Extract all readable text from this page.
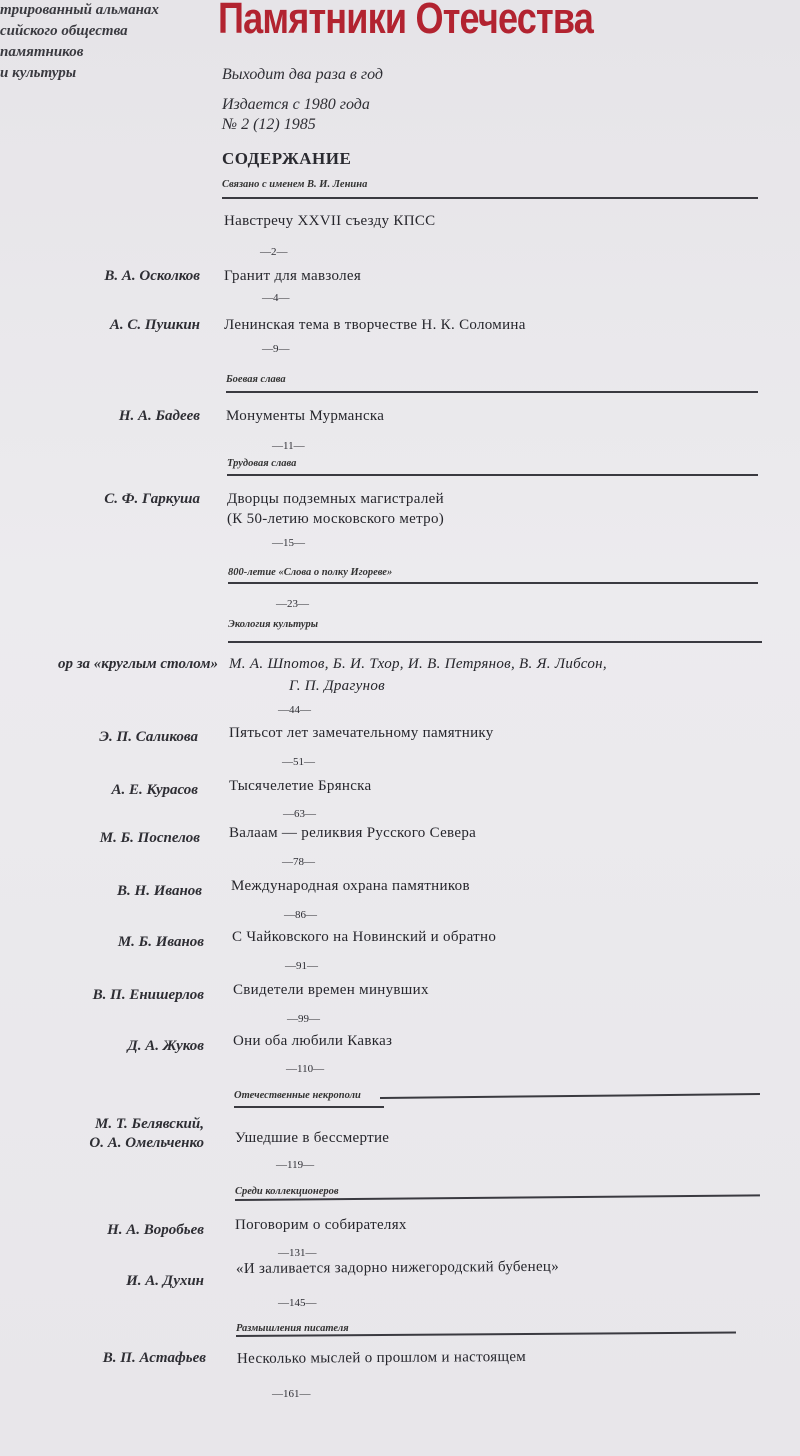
трированный альманах
сийского общества
памятников
и культуры
Памятники Отечества
Выходит два раза в год
Издается с 1980 года
№ 2 (12) 1985
СОДЕРЖАНИЕ
Связано с именем В. И. Ленина
Навстречу XXVII съезду КПСС
—2—
В. А. Осколков Гранит для мавзолея
—4—
А. С. Пушкин Ленинская тема в творчестве Н. К. Соломина
—9—
Боевая слава
Н. А. Бадеев Монументы Мурманска
—11—
Трудовая слава
С. Ф. Гаркуша Дворцы подземных магистралей
(К 50-летию московского метро)
—15—
800-летие «Слова о полку Игореве»
—23—
Экология культуры
ор за «круглым столом» М. А. Шпотов, Б. И. Тхор, И. В. Петрянов, В. Я. Либсон,
Г. П. Драгунов
—44—
Э. П. Саликова Пятьсот лет замечательному памятнику
—51—
А. Е. Курасов Тысячелетие Брянска
—63—
М. Б. Поспелов Валаам — реликвия Русского Севера
—78—
В. Н. Иванов Международная охрана памятников
—86—
М. Б. Иванов С Чайковского на Новинский и обратно
—91—
В. П. Енишерлов Свидетели времен минувших
—99—
Д. А. Жуков Они оба любили Кавказ
—110—
Отечественные некрополи
М. Т. Белявский,
О. А. Омельченко Ушедшие в бессмертие
—119—
Среди коллекционеров
Н. А. Воробьев Поговорим о собирателях
—131—
И. А. Духин
«И заливается задорно нижегородский бубенец»
—145—
Размышления писателя
В. П. Астафьев Несколько мыслей о прошлом и настоящем
—161—
